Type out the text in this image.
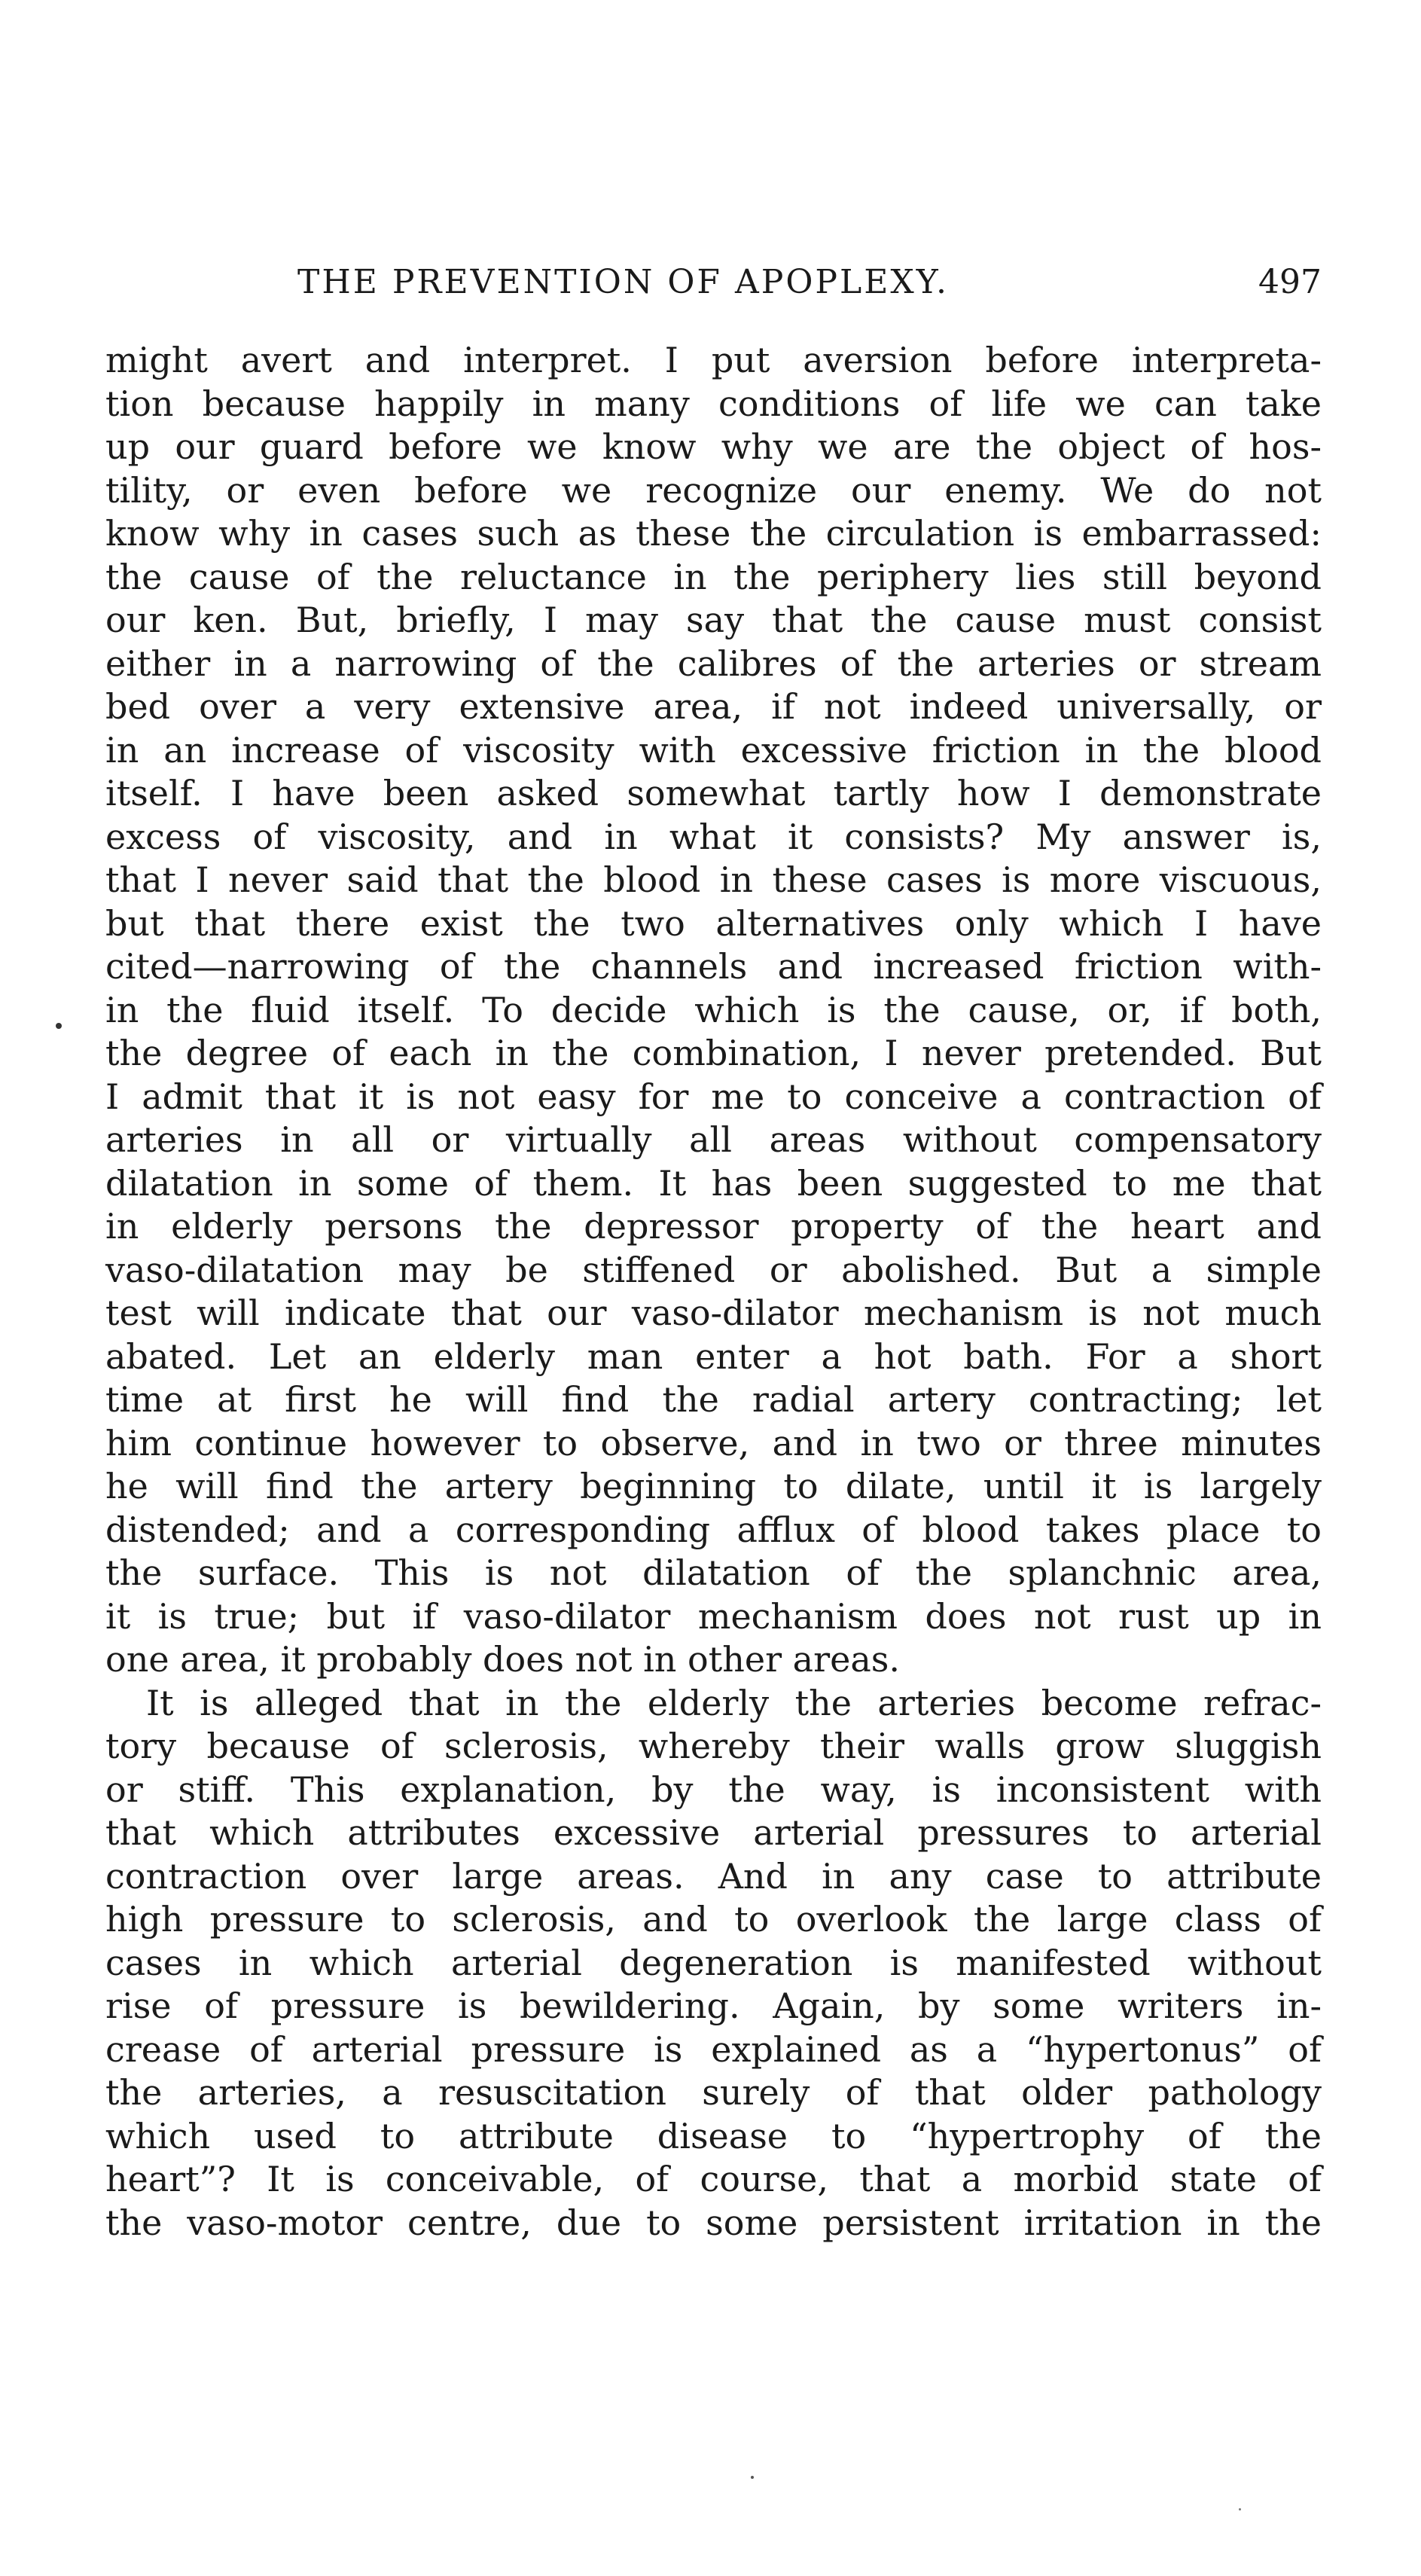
THE PREVENTION OF APOPLEXY.	497
might avert and interpret. I put aversion before interpreta-
tion because happily in many conditions of life we can take
up our guard before we know why we are the object of hos-
tility, or even before we recognize our enemy. We do not
know why in cases such as these the circulation is embarrassed:
the cause of the reluctance in the periphery lies still beyond
our ken. But, briefly, I may say that the cause must consist
either in a narrowing of the calibres of the arteries or stream
bed over a very extensive area, if not indeed universally, or
in an increase of viscosity with excessive friction in the blood
itself. I have been asked somewhat tartly how I demonstrate
excess of viscosity, and in what it consists? My answer is,
that I never said that the blood in these cases is more viscuous,
but that there exist the two alternatives only which I have
cited—narrowing of the channels and increased friction with-
in the fluid itself. To decide which is the cause, or, if both,
the degree of each in the combination, I never pretended. But
I admit that it is not easy for me to conceive a contraction of
arteries in all or virtually all areas without compensatory
dilatation in some of them. It has been suggested to me that
in elderly persons the depressor property of the heart and
vaso-dilatation may be stiffened or abolished. But a simple
test will indicate that our vaso-dilator mechanism is not much
abated. Let an elderly man enter a hot bath. For a short
time at first he will find the radial artery contracting; let
him continue however to observe, and in two or three minutes
he will find the artery beginning to dilate, until it is largely
distended; and a corresponding afflux of blood takes place to
the surface. This is not dilatation of the splanchnic area,
it is true; but if vaso-dilator mechanism does not rust up in
one area, it probably does not in other areas.
It is alleged that in the elderly the arteries become refrac-
tory because of sclerosis, whereby their walls grow sluggish
or stiff. This explanation, by the way, is inconsistent with
that which attributes excessive arterial pressures to arterial
contraction over large areas. And in any case to attribute
high pressure to sclerosis, and to overlook the large class of
cases in which arterial degeneration is manifested without
rise of pressure is bewildering. Again, by some writers in-
crease of arterial pressure is explained as a “hypertonus” of
the arteries, a resuscitation surely of that older pathology
which used to attribute disease to “hypertrophy of the
heart”? It is conceivable, of course, that a morbid state of
the vaso-motor centre, due to some persistent irritation in the
